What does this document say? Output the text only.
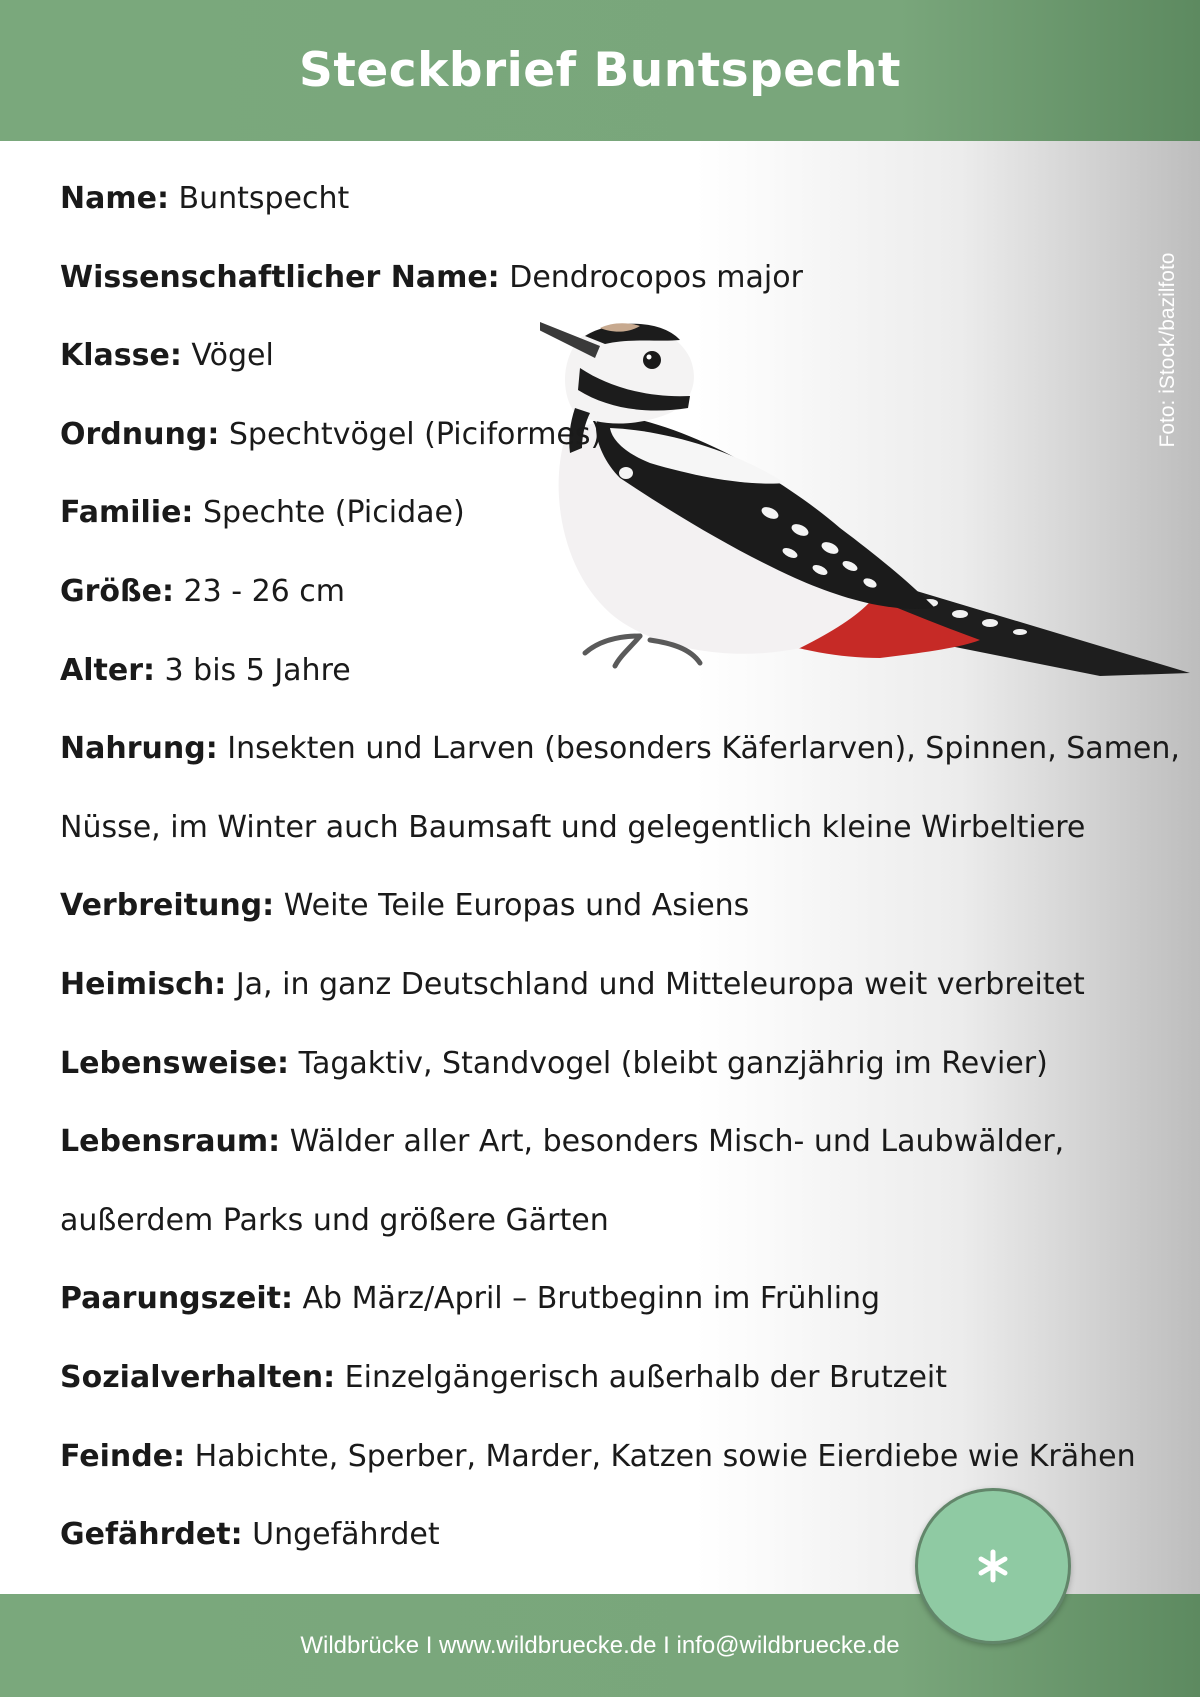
Steckbrief Buntspecht
Name: Buntspecht
Wissenschaftlicher Name: Dendrocopos major
Klasse: Vögel
Ordnung: Spechtvögel (Piciformes)
Familie: Spechte (Picidae)
Größe: 23 - 26 cm
Alter: 3 bis 5 Jahre
Nahrung: Insekten und Larven (besonders Käferlarven), Spinnen, Samen,
Nüsse, im Winter auch Baumsaft und gelegentlich kleine Wirbeltiere
Verbreitung: Weite Teile Europas und Asiens
Heimisch: Ja, in ganz Deutschland und Mitteleuropa weit verbreitet
Lebensweise: Tagaktiv, Standvogel (bleibt ganzjährig im Revier)
Lebensraum: Wälder aller Art, besonders Misch- und Laubwälder,
außerdem Parks und größere Gärten
Paarungszeit: Ab März/April – Brutbeginn im Frühling
Sozialverhalten: Einzelgängerisch außerhalb der Brutzeit
Feinde: Habichte, Sperber, Marder, Katzen sowie Eierdiebe wie Krähen
Gefährdet: Ungefährdet
Foto: iStock/bazilfoto
Wildbrücke I www.wildbruecke.de I info@wildbruecke.de
